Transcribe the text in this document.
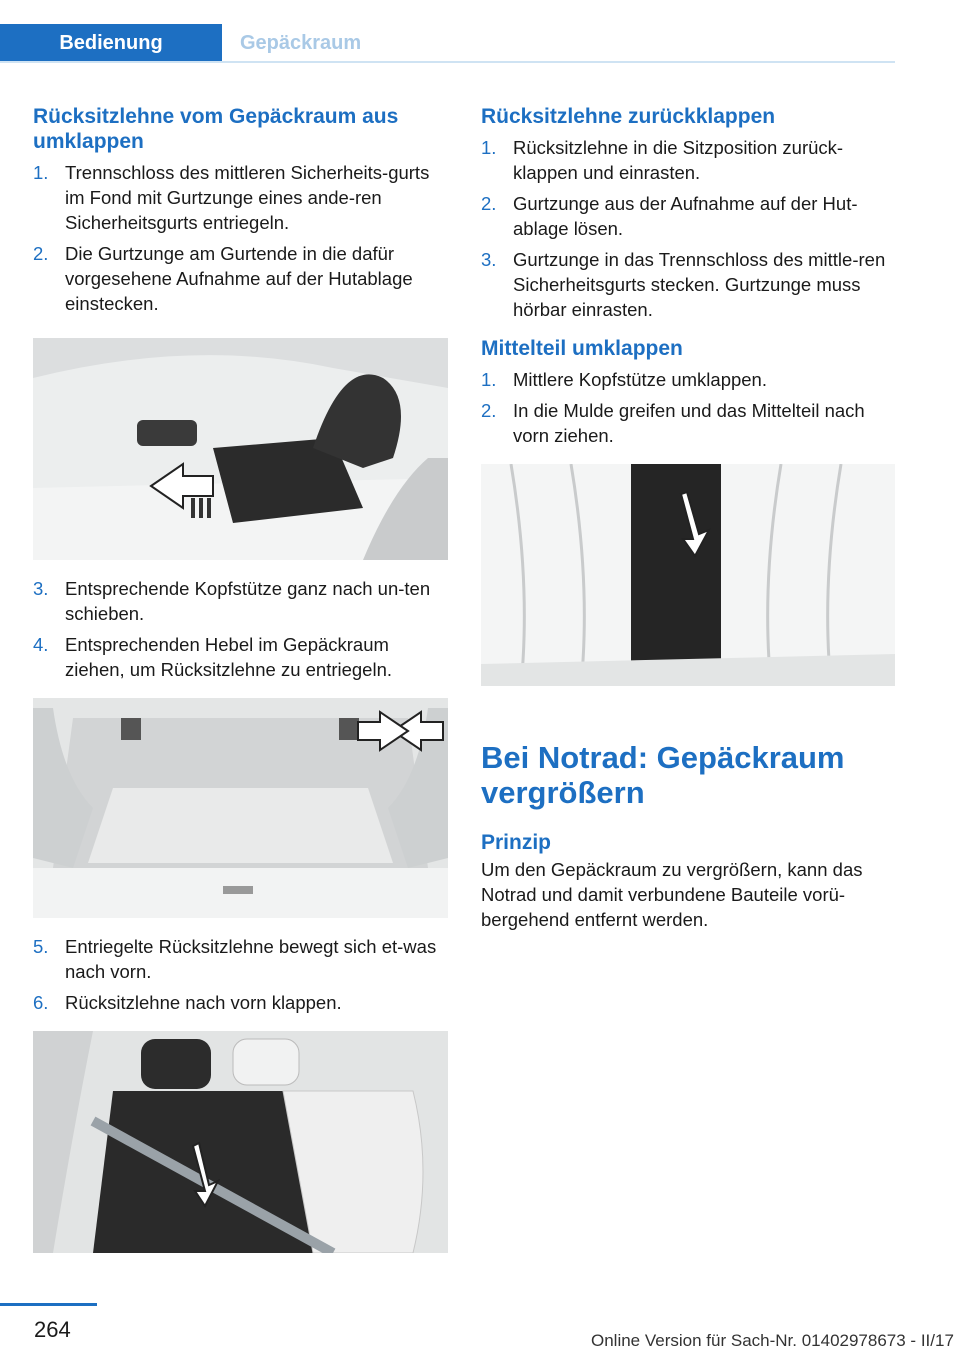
Bedienung	Gepäckraum
Rücksitzlehne vom Gepäckraum aus umklappen
1. Trennschloss des mittleren Sicherheits‐gurts im Fond mit Gurtzunge eines ande‐ren Sicherheitsgurts entriegeln.
2. Die Gurtzunge am Gurtende in die dafür vorgesehene Aufnahme auf der Hutablage einstecken.
3. Entsprechende Kopfstütze ganz nach un‐ten schieben.
4. Entsprechenden Hebel im Gepäckraum ziehen, um Rücksitzlehne zu entriegeln.
5. Entriegelte Rücksitzlehne bewegt sich et‐was nach vorn.
6. Rücksitzlehne nach vorn klappen.
Rücksitzlehne zurückklappen
1. Rücksitzlehne in die Sitzposition zurück‐klappen und einrasten.
2. Gurtzunge aus der Aufnahme auf der Hut‐ablage lösen.
3. Gurtzunge in das Trennschloss des mittle‐ren Sicherheitsgurts stecken. Gurtzunge muss hörbar einrasten.
Mittelteil umklappen
1. Mittlere Kopfstütze umklappen.
2. In die Mulde greifen und das Mittelteil nach vorn ziehen.
Bei Notrad: Gepäckraum vergrößern
Prinzip

Um den Gepäckraum zu vergrößern, kann das Notrad und damit verbundene Bauteile vorü‐bergehend entfernt werden.

264	Online Version für Sach-Nr. 01402978673 - II/17
